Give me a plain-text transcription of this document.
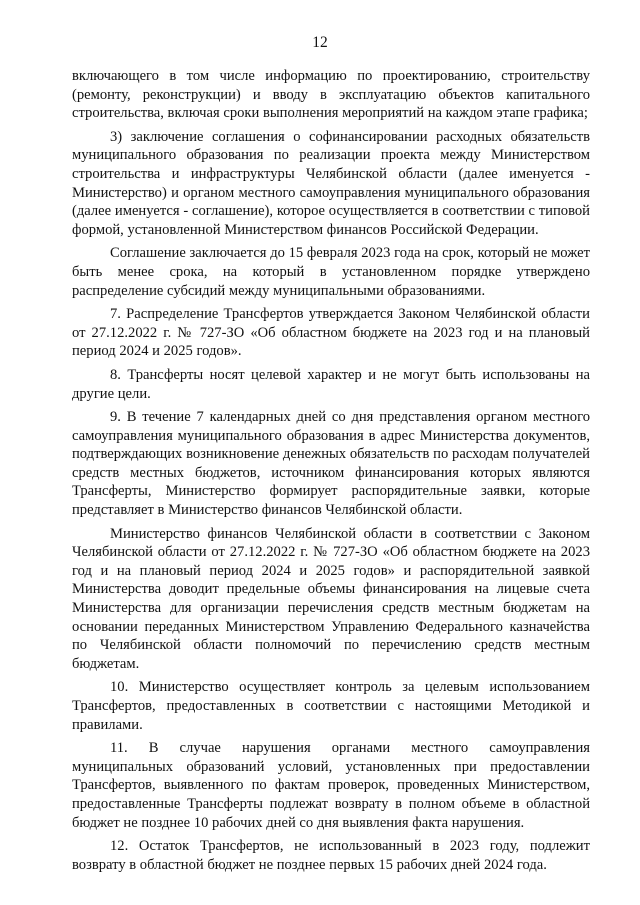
12

включающего в том числе информацию по проектированию, строительству (ремонту, реконструкции) и вводу в эксплуатацию объектов капитального строительства, включая сроки выполнения мероприятий на каждом этапе графика;

3) заключение соглашения о софинансировании расходных обязательств муниципального образования по реализации проекта между Министерством строительства и инфраструктуры Челябинской области (далее именуется - Министерство) и органом местного самоуправления муниципального образования (далее именуется - соглашение), которое осуществляется в соответствии с типовой формой, установленной Министерством финансов Российской Федерации.

Соглашение заключается до 15 февраля 2023 года на срок, который не может быть менее срока, на который в установленном порядке утверждено распределение субсидий между муниципальными образованиями.

7. Распределение Трансфертов утверждается Законом Челябинской области от 27.12.2022 г. № 727-ЗО «Об областном бюджете на 2023 год и на плановый период 2024 и 2025 годов».

8. Трансферты носят целевой характер и не могут быть использованы на другие цели.

9. В течение 7 календарных дней со дня представления органом местного самоуправления муниципального образования в адрес Министерства документов, подтверждающих возникновение денежных обязательств по расходам получателей средств местных бюджетов, источником финансирования которых являются Трансферты, Министерство формирует распорядительные заявки, которые представляет в Министерство финансов Челябинской области.

Министерство финансов Челябинской области в соответствии с Законом Челябинской области от 27.12.2022 г. № 727-ЗО «Об областном бюджете на 2023 год и на плановый период 2024 и 2025 годов» и распорядительной заявкой Министерства доводит предельные объемы финансирования на лицевые счета Министерства для организации перечисления средств местным бюджетам на основании переданных Министерством Управлению Федерального казначейства по Челябинской области полномочий по перечислению средств местным бюджетам.

10. Министерство осуществляет контроль за целевым использованием Трансфертов, предоставленных в соответствии с настоящими Методикой и правилами.

11. В случае нарушения органами местного самоуправления муниципальных образований условий, установленных при предоставлении Трансфертов, выявленного по фактам проверок, проведенных Министерством, предоставленные Трансферты подлежат возврату в полном объеме в областной бюджет не позднее 10 рабочих дней со дня выявления факта нарушения.

12. Остаток Трансфертов, не использованный в 2023 году, подлежит возврату в областной бюджет не позднее первых 15 рабочих дней 2024 года.
